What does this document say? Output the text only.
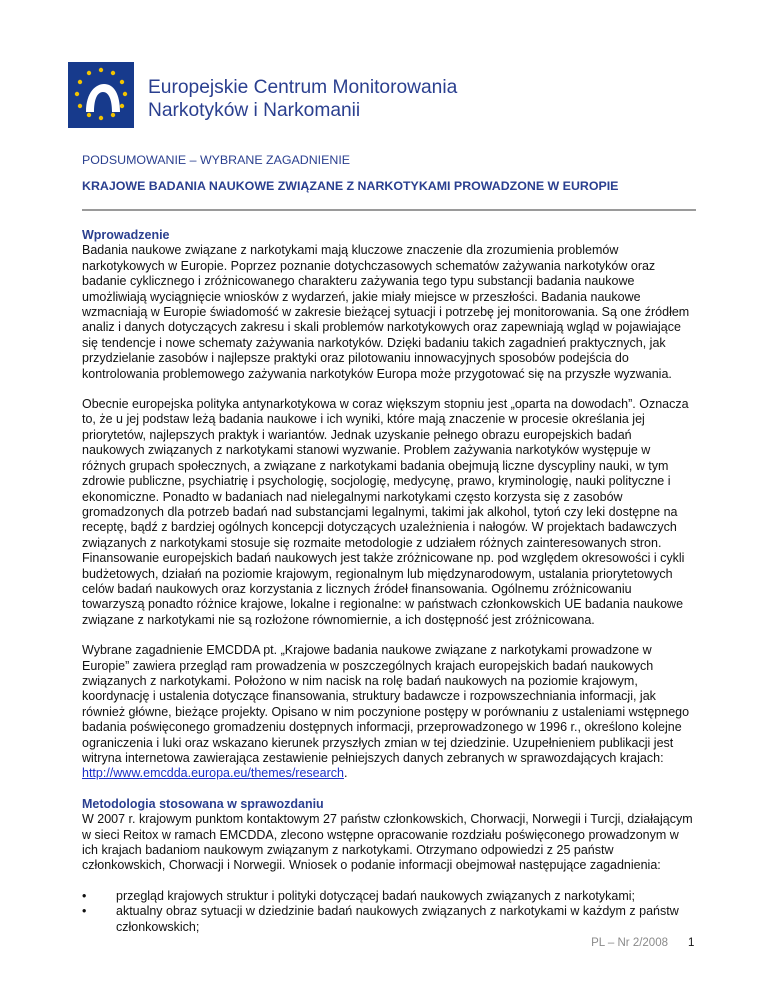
Europejskie Centrum Monitorowania
Narkotyków i Narkomanii
PODSUMOWANIE – WYBRANE ZAGADNIENIE
KRAJOWE BADANIA NAUKOWE ZWIĄZANE Z NARKOTYKAMI PROWADZONE W EUROPIE

Wprowadzenie

Badania naukowe związane z narkotykami mają kluczowe znaczenie dla zrozumienia problemów narkotykowych w Europie. Poprzez poznanie dotychczasowych schematów zażywania narkotyków oraz badanie cyklicznego i zróżnicowanego charakteru zażywania tego typu substancji badania naukowe umożliwiają wyciągnięcie wniosków z wydarzeń, jakie miały miejsce w przeszłości. Badania naukowe wzmacniają w Europie świadomość w zakresie bieżącej sytuacji i potrzebę jej monitorowania. Są one źródłem analiz i danych dotyczących zakresu i skali problemów narkotykowych oraz zapewniają wgląd w pojawiające się tendencje i nowe schematy zażywania narkotyków. Dzięki badaniu takich zagadnień praktycznych, jak przydzielanie zasobów i najlepsze praktyki oraz pilotowaniu innowacyjnych sposobów podejścia do kontrolowania problemowego zażywania narkotyków Europa może przygotować się na przyszłe wyzwania.

Obecnie europejska polityka antynarkotykowa w coraz większym stopniu jest „oparta na dowodach”. Oznacza to, że u jej podstaw leżą badania naukowe i ich wyniki, które mają znaczenie w procesie określania jej priorytetów, najlepszych praktyk i wariantów. Jednak uzyskanie pełnego obrazu europejskich badań naukowych związanych z narkotykami stanowi wyzwanie. Problem zażywania narkotyków występuje w różnych grupach społecznych, a związane z narkotykami badania obejmują liczne dyscypliny nauki, w tym zdrowie publiczne, psychiatrię i psychologię, socjologię, medycynę, prawo, kryminologię, nauki polityczne i ekonomiczne. Ponadto w badaniach nad nielegalnymi narkotykami często korzysta się z zasobów gromadzonych dla potrzeb badań nad substancjami legalnymi, takimi jak alkohol, tytoń czy leki dostępne na receptę, bądź z bardziej ogólnych koncepcji dotyczących uzależnienia i nałogów. W projektach badawczych związanych z narkotykami stosuje się rozmaite metodologie z udziałem różnych zainteresowanych stron. Finansowanie europejskich badań naukowych jest także zróżnicowane np. pod względem okresowości i cykli budżetowych, działań na poziomie krajowym, regionalnym lub międzynarodowym, ustalania priorytetowych celów badań naukowych oraz korzystania z licznych źródeł finansowania. Ogólnemu zróżnicowaniu towarzyszą ponadto różnice krajowe, lokalne i regionalne: w państwach członkowskich UE badania naukowe związane z narkotykami nie są rozłożone równomiernie, a ich dostępność jest zróżnicowana.

Wybrane zagadnienie EMCDDA pt. „Krajowe badania naukowe związane z narkotykami prowadzone w Europie” zawiera przegląd ram prowadzenia w poszczególnych krajach europejskich badań naukowych związanych z narkotykami. Położono w nim nacisk na rolę badań naukowych na poziomie krajowym, koordynację i ustalenia dotyczące finansowania, struktury badawcze i rozpowszechniania informacji, jak również główne, bieżące projekty. Opisano w nim poczynione postępy w porównaniu z ustaleniami wstępnego badania poświęconego gromadzeniu dostępnych informacji, przeprowadzonego w 1996 r., określono kolejne ograniczenia i luki oraz wskazano kierunek przyszłych zmian w tej dziedzinie. Uzupełnieniem publikacji jest witryna internetowa zawierająca zestawienie pełniejszych danych zebranych w sprawozdających krajach: http://www.emcdda.europa.eu/themes/research.

Metodologia stosowana w sprawozdaniu

W 2007 r. krajowym punktom kontaktowym 27 państw członkowskich, Chorwacji, Norwegii i Turcji, działającym w sieci Reitox w ramach EMCDDA, zlecono wstępne opracowanie rozdziału poświęconego prowadzonym w ich krajach badaniom naukowym związanym z narkotykami. Otrzymano odpowiedzi z 25 państw członkowskich, Chorwacji i Norwegii. Wniosek o podanie informacji obejmował następujące zagadnienia:

• przegląd krajowych struktur i polityki dotyczącej badań naukowych związanych z narkotykami;
• aktualny obraz sytuacji w dziedzinie badań naukowych związanych z narkotykami w każdym z państw członkowskich;
PL – Nr 2/2008 1
